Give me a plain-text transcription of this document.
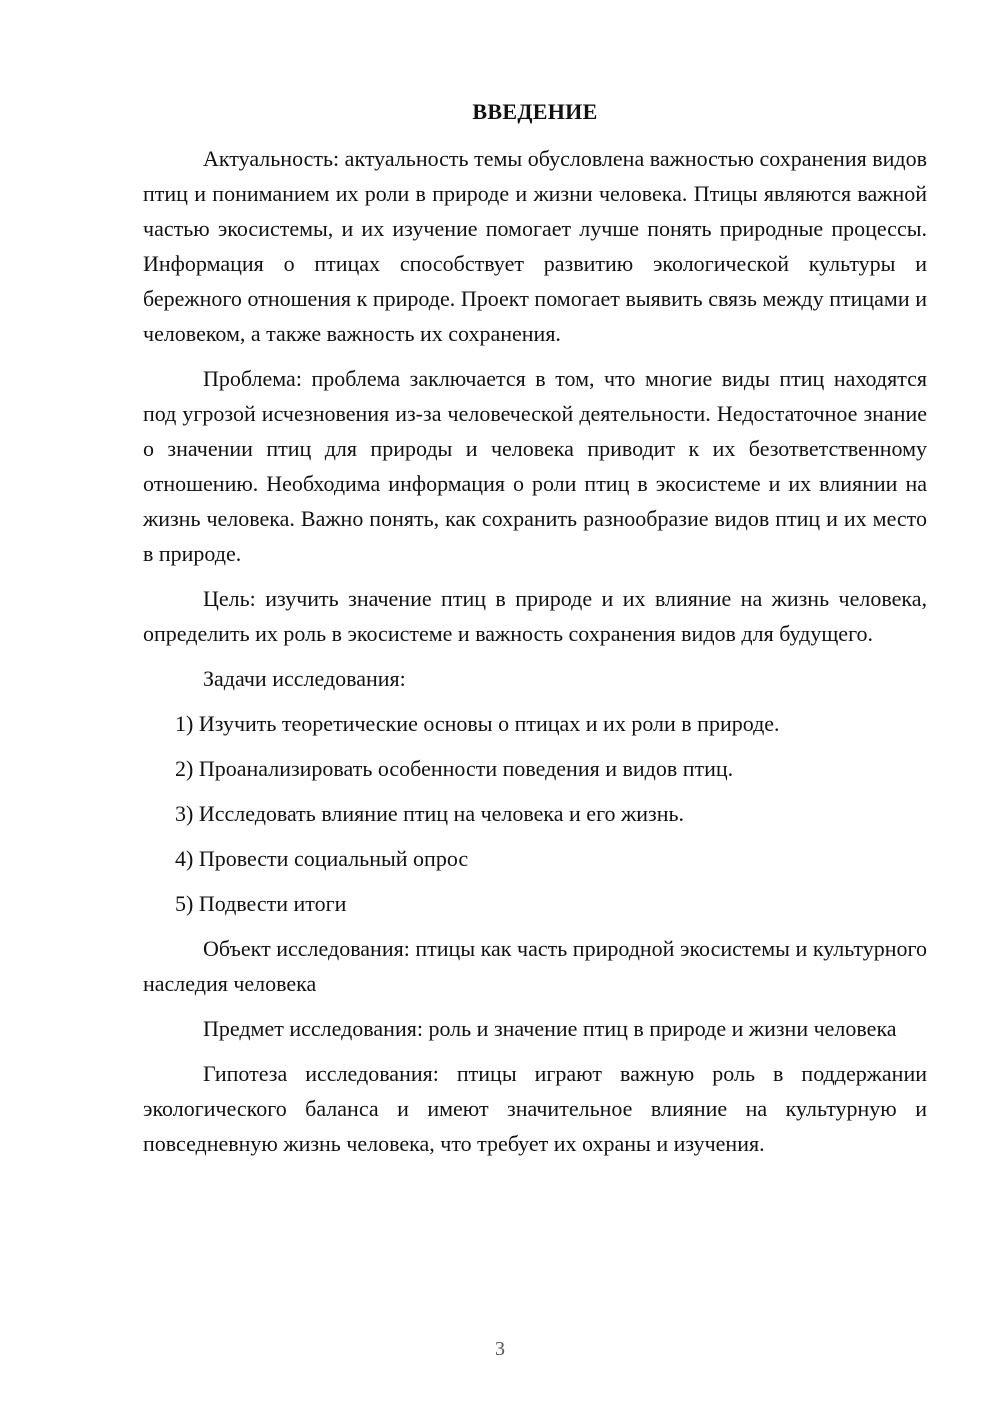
ВВЕДЕНИЕ

Актуальность: актуальность темы обусловлена важностью сохранения видов птиц и пониманием их роли в природе и жизни человека. Птицы являются важной частью экосистемы, и их изучение помогает лучше понять природные процессы. Информация о птицах способствует развитию экологической культуры и бережного отношения к природе. Проект помогает выявить связь между птицами и человеком, а также важность их сохранения.

Проблема: проблема заключается в том, что многие виды птиц находятся под угрозой исчезновения из-за человеческой деятельности. Недостаточное знание о значении птиц для природы и человека приводит к их безответственному отношению. Необходима информация о роли птиц в экосистеме и их влиянии на жизнь человека. Важно понять, как сохранить разнообразие видов птиц и их место в природе.

Цель: изучить значение птиц в природе и их влияние на жизнь человека, определить их роль в экосистеме и важность сохранения видов для будущего.

Задачи исследования:

1) Изучить теоретические основы о птицах и их роли в природе.
2) Проанализировать особенности поведения и видов птиц.
3) Исследовать влияние птиц на человека и его жизнь.
4) Провести социальный опрос
5) Подвести итоги

Объект исследования: птицы как часть природной экосистемы и культурного наследия человека

Предмет исследования: роль и значение птиц в природе и жизни человека

Гипотеза исследования: птицы играют важную роль в поддержании экологического баланса и имеют значительное влияние на культурную и повседневную жизнь человека, что требует их охраны и изучения.

3
